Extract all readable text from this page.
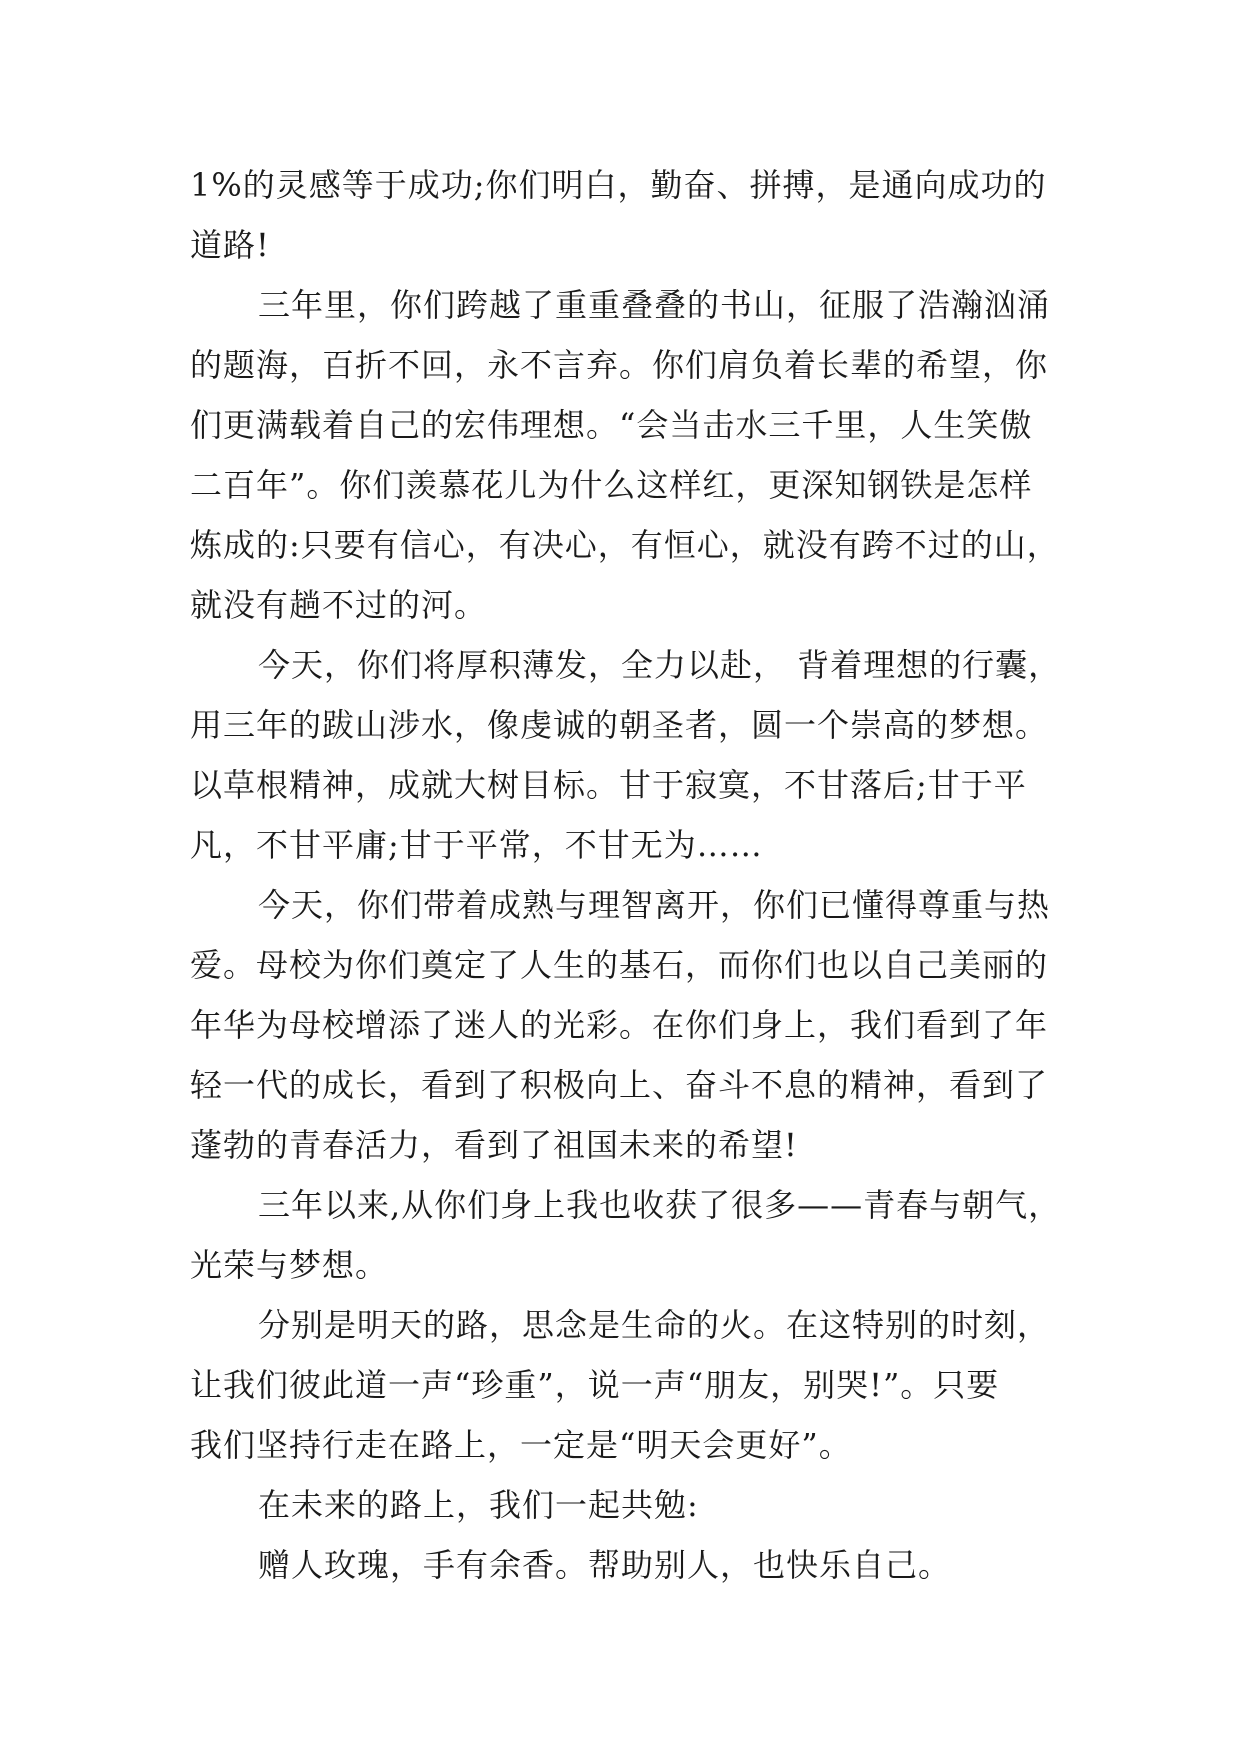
1%的灵感等于成功;你们明白，勤奋、拼搏，是通向成功的
道路!
三年里，你们跨越了重重叠叠的书山，征服了浩瀚汹涌
的题海，百折不回，永不言弃。你们肩负着长辈的希望，你
们更满载着自己的宏伟理想。“会当击水三千里，人生笑傲
二百年”。你们羡慕花儿为什么这样红，更深知钢铁是怎样
炼成的:只要有信心，有决心，有恒心，就没有跨不过的山，
就没有趟不过的河。
今天，你们将厚积薄发，全力以赴， 背着理想的行囊，
用三年的跋山涉水，像虔诚的朝圣者，圆一个崇高的梦想。
以草根精神，成就大树目标。甘于寂寞，不甘落后;甘于平
凡，不甘平庸;甘于平常，不甘无为……
今天，你们带着成熟与理智离开，你们已懂得尊重与热
爱。母校为你们奠定了人生的基石，而你们也以自己美丽的
年华为母校增添了迷人的光彩。在你们身上，我们看到了年
轻一代的成长，看到了积极向上、奋斗不息的精神，看到了
蓬勃的青春活力，看到了祖国未来的希望!
三年以来,从你们身上我也收获了很多——青春与朝气，
光荣与梦想。
分别是明天的路，思念是生命的火。在这特别的时刻，
让我们彼此道一声“珍重”，说一声“朋友，别哭!”。只要
我们坚持行走在路上，一定是“明天会更好”。
在未来的路上，我们一起共勉:
赠人玫瑰，手有余香。帮助别人，也快乐自己。
